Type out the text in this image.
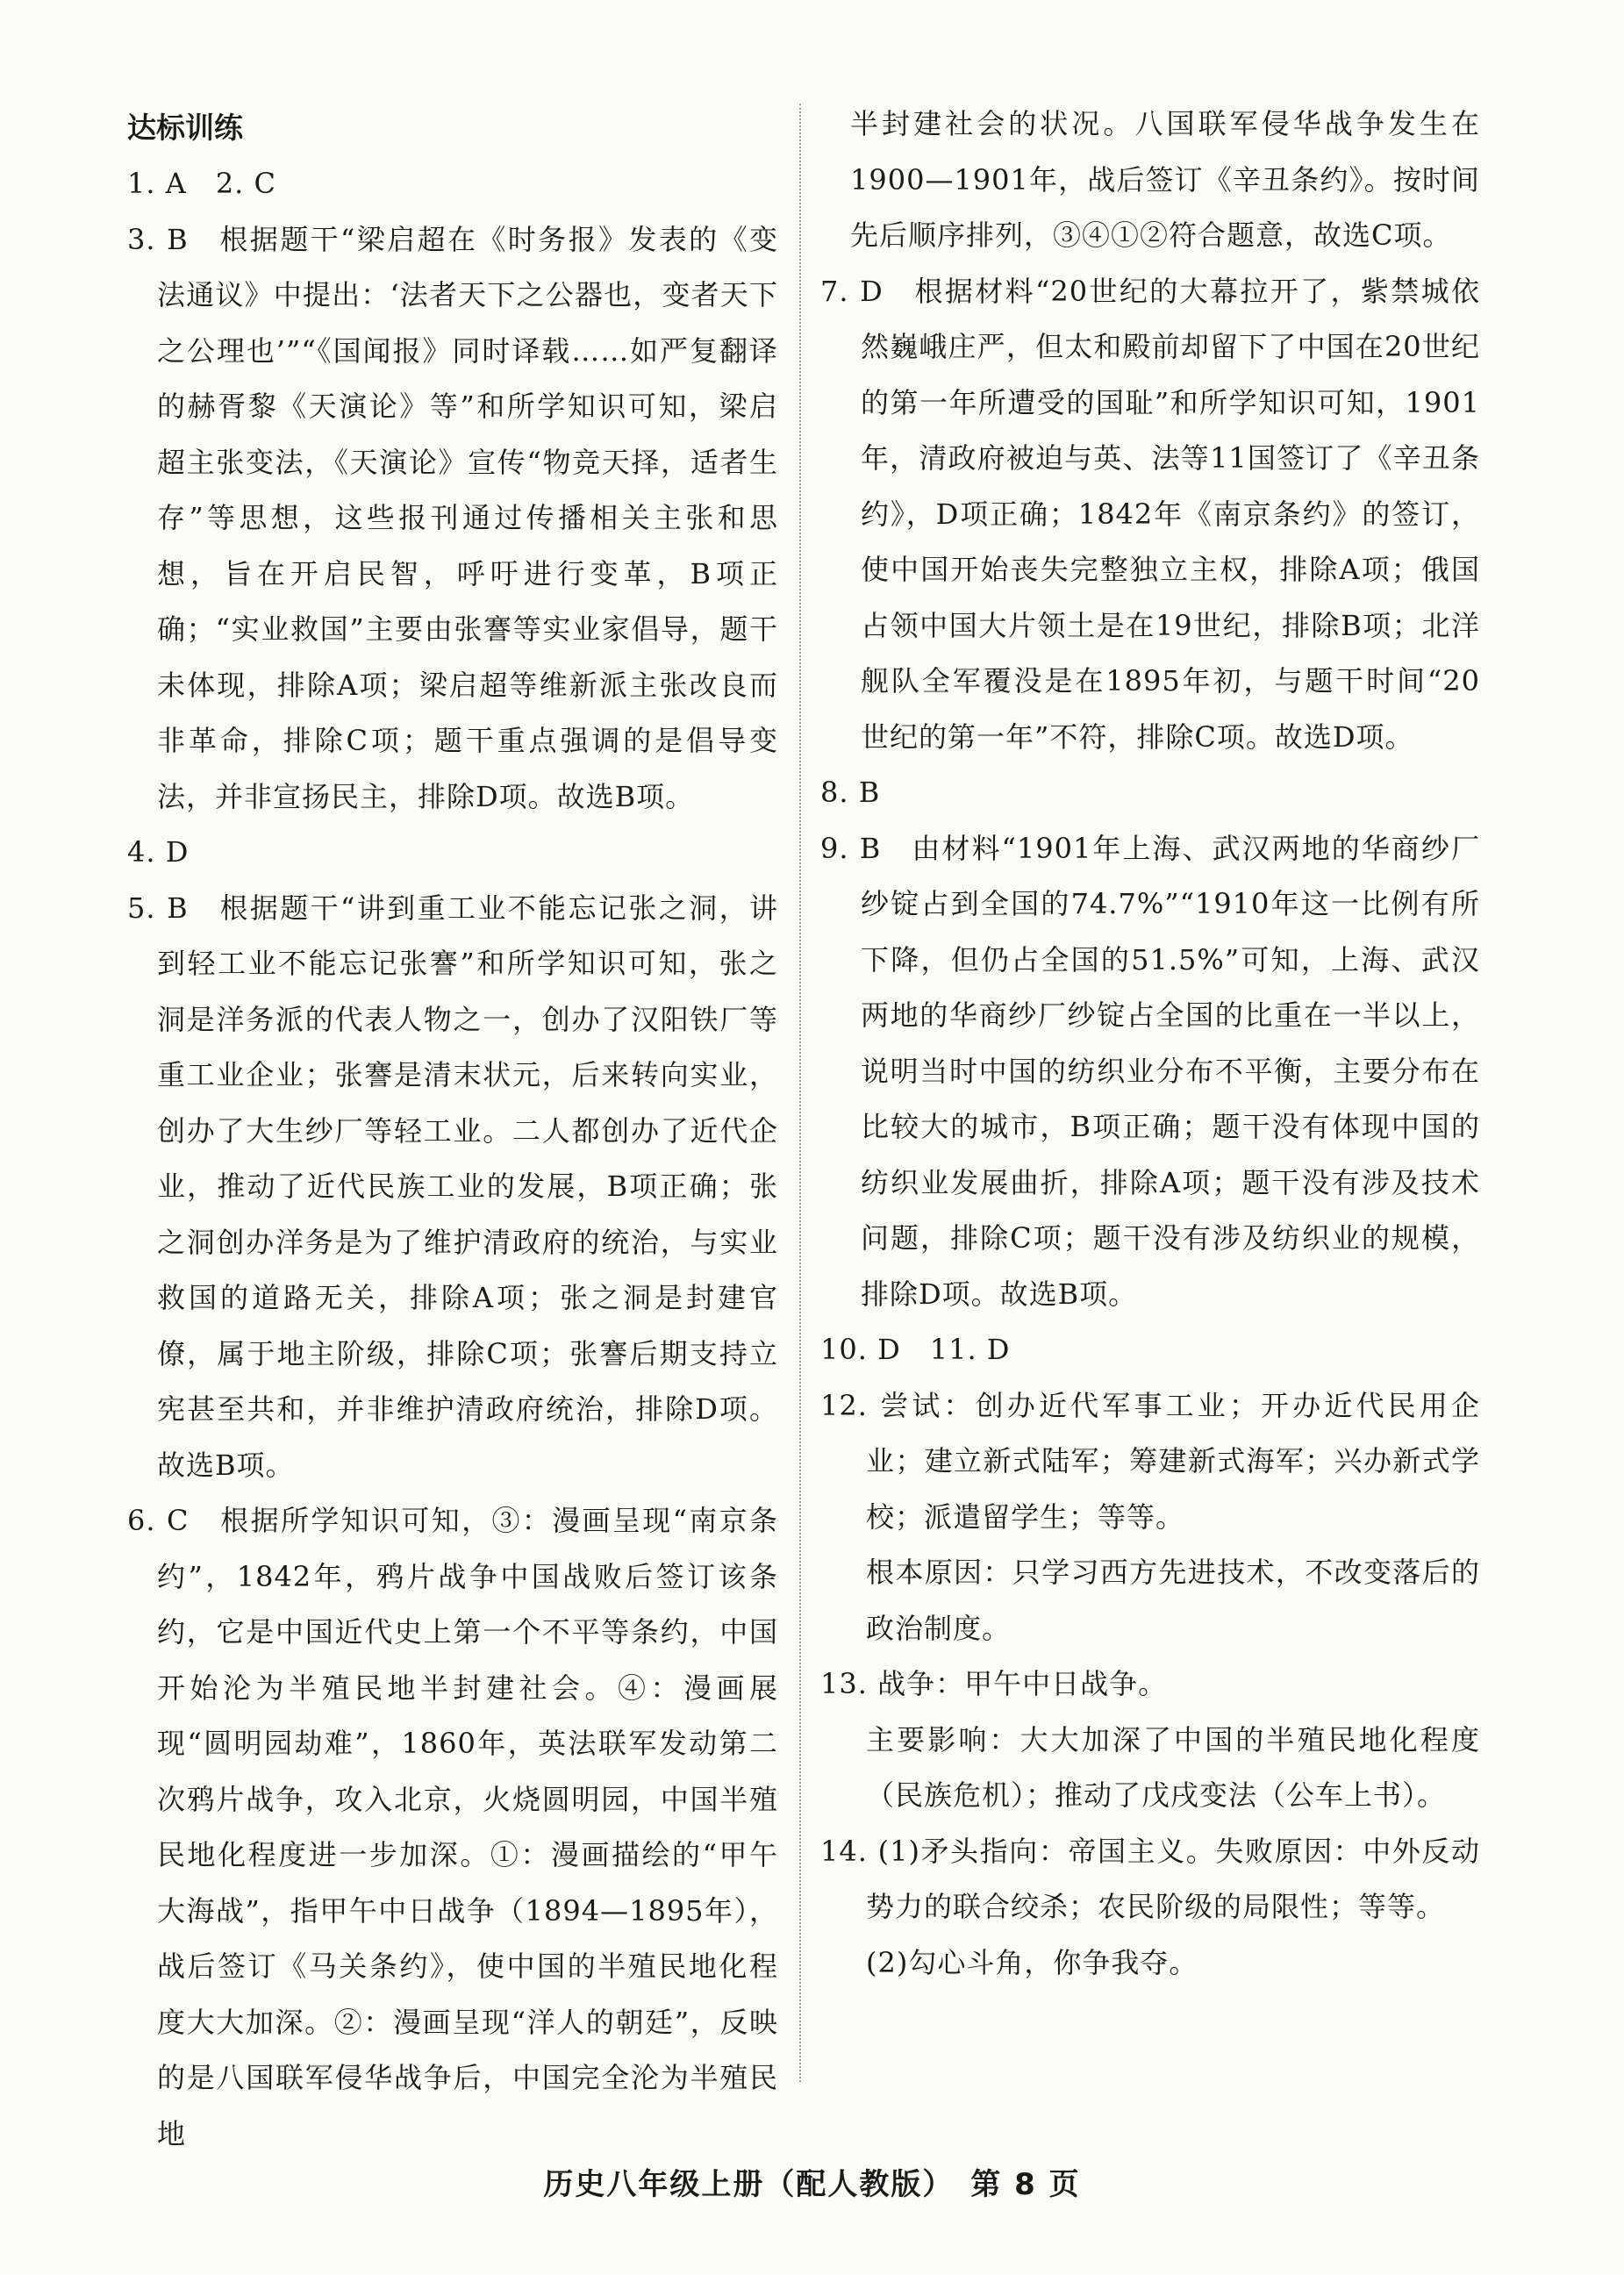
达标训练
1. A　2. C
3. B　根据题干“梁启超在《时务报》发表的《变法通议》中提出：‘法者天下之公器也，变者天下之公理也’”“《国闻报》同时译载……如严复翻译的赫胥黎《天演论》等”和所学知识可知，梁启超主张变法，《天演论》宣传“物竞天择，适者生存”等思想，这些报刊通过传播相关主张和思想，旨在开启民智，呼吁进行变革，B项正确；“实业救国”主要由张謇等实业家倡导，题干未体现，排除A项；梁启超等维新派主张改良而非革命，排除C项；题干重点强调的是倡导变法，并非宣扬民主，排除D项。故选B项。
4. D
5. B　根据题干“讲到重工业不能忘记张之洞，讲到轻工业不能忘记张謇”和所学知识可知，张之洞是洋务派的代表人物之一，创办了汉阳铁厂等重工业企业；张謇是清末状元，后来转向实业，创办了大生纱厂等轻工业。二人都创办了近代企业，推动了近代民族工业的发展，B项正确；张之洞创办洋务是为了维护清政府的统治，与实业救国的道路无关，排除A项；张之洞是封建官僚，属于地主阶级，排除C项；张謇后期支持立宪甚至共和，并非维护清政府统治，排除D项。故选B项。
6. C　根据所学知识可知，③：漫画呈现“南京条约”，1842年，鸦片战争中国战败后签订该条约，它是中国近代史上第一个不平等条约，中国开始沦为半殖民地半封建社会。④：漫画展现“圆明园劫难”，1860年，英法联军发动第二次鸦片战争，攻入北京，火烧圆明园，中国半殖民地化程度进一步加深。①：漫画描绘的“甲午大海战”，指甲午中日战争（1894—1895年），战后签订《马关条约》，使中国的半殖民地化程度大大加深。②：漫画呈现“洋人的朝廷”，反映的是八国联军侵华战争后，中国完全沦为半殖民地
半封建社会的状况。八国联军侵华战争发生在1900—1901年，战后签订《辛丑条约》。按时间先后顺序排列，③④①②符合题意，故选C项。
7. D　根据材料“20世纪的大幕拉开了，紫禁城依然巍峨庄严，但太和殿前却留下了中国在20世纪的第一年所遭受的国耻”和所学知识可知，1901年，清政府被迫与英、法等11国签订了《辛丑条约》，D项正确；1842年《南京条约》的签订，使中国开始丧失完整独立主权，排除A项；俄国占领中国大片领土是在19世纪，排除B项；北洋舰队全军覆没是在1895年初，与题干时间“20世纪的第一年”不符，排除C项。故选D项。
8. B
9. B　由材料“1901年上海、武汉两地的华商纱厂纱锭占到全国的74.7%”“1910年这一比例有所下降，但仍占全国的51.5%”可知，上海、武汉两地的华商纱厂纱锭占全国的比重在一半以上，说明当时中国的纺织业分布不平衡，主要分布在比较大的城市，B项正确；题干没有体现中国的纺织业发展曲折，排除A项；题干没有涉及技术问题，排除C项；题干没有涉及纺织业的规模，排除D项。故选B项。
10. D　11. D
12. 尝试：创办近代军事工业；开办近代民用企业；建立新式陆军；筹建新式海军；兴办新式学校；派遣留学生；等等。
根本原因：只学习西方先进技术，不改变落后的政治制度。
13. 战争：甲午中日战争。
主要影响：大大加深了中国的半殖民地化程度（民族危机）；推动了戊戌变法（公车上书）。
14. (1)矛头指向：帝国主义。失败原因：中外反动势力的联合绞杀；农民阶级的局限性；等等。
(2)勾心斗角，你争我夺。
历史八年级上册（配人教版）　第 8 页
